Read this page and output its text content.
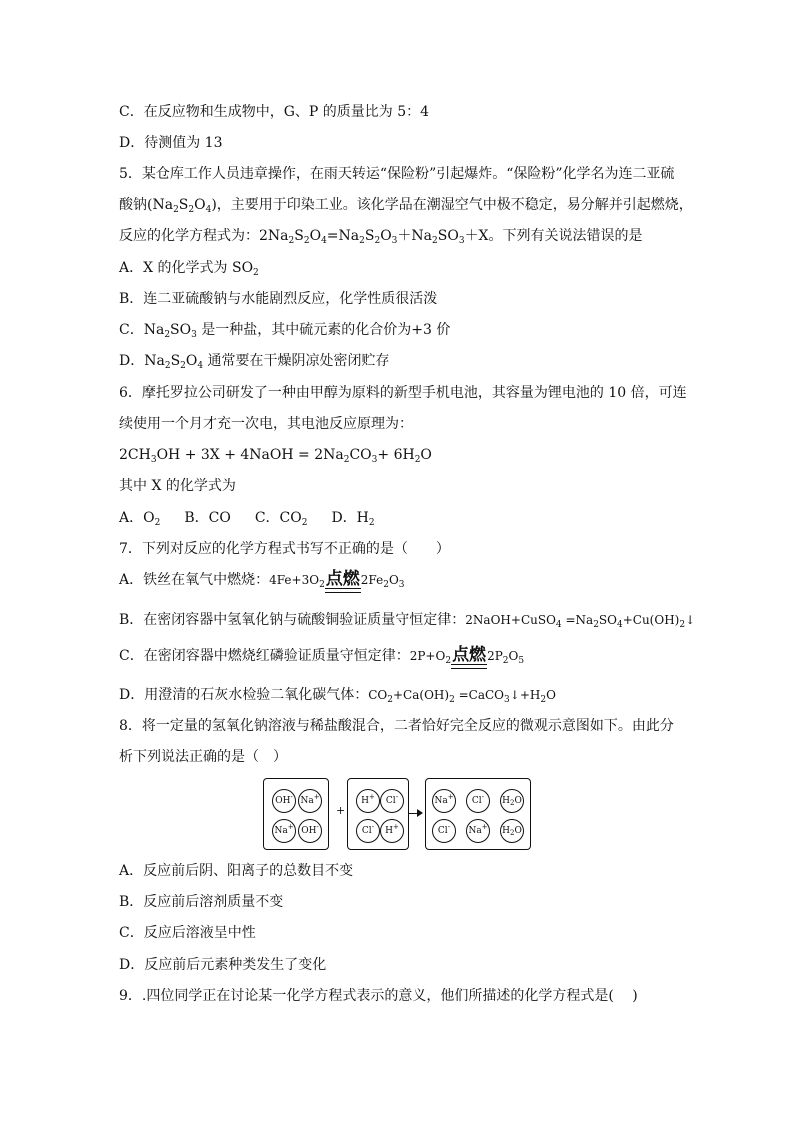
C．在反应物和生成物中，G、P 的质量比为 5：4
D．待测值为 13
5．某仓库工作人员违章操作，在雨天转运“保险粉”引起爆炸。“保险粉”化学名为连二亚硫
酸钠$(Na_2S_2O_4)$，主要用于印染工业。该化学品在潮湿空气中极不稳定，易分解并引起燃烧，
反应的化学方程式为：$2Na_2S_2O_4=Na_2S_2O_3+Na_2SO_3+X$。下列有关说法错误的是
A．X 的化学式为 $SO_2$
B．连二亚硫酸钠与水能剧烈反应，化学性质很活泼
C．$Na_2SO_3$ 是一种盐，其中硫元素的化合价为+3 价
D．$Na_2S_2O_4$ 通常要在干燥阴凉处密闭贮存
6．摩托罗拉公司研发了一种由甲醇为原料的新型手机电池，其容量为锂电池的 10 倍，可连
续使用一个月才充一次电，其电池反应原理为：
$2CH_3OH + 3X$ + 4NaOH = $2Na_2CO_3+ 6H_2O$
其中 X 的化学式为
A．$O_2$ B．CO C．$CO_2$ D．$H_2$
7．下列对反应的化学方程式书写不正确的是（　　）
A．铁丝在氧气中燃烧：$4Fe+3O_2$点燃$2Fe_2O_3$
B．在密闭容器中氢氧化钠与硫酸铜验证质量守恒定律：2NaOH+CuSO$_4$ $=Na_2SO_4+Cu(OH)_2↓$
C．在密闭容器中燃烧红磷验证质量守恒定律：$2P+O_2$点燃$2P_2O_5$
D．用澄清的石灰水检验二氧化碳气体：$CO_2+Ca(OH)_2$ $=CaCO_3↓+H_2O$
8．将一定量的氢氧化钠溶液与稀盐酸混合，二者恰好完全反应的微观示意图如下。由此分
析下列说法正确的是（　）
OH- Na+
Na+ OH-
+
H+	Cl-
Cl-	H+
Na+	Cl-	$H_2O$
Cl-	Na+ $H_2O$
A．反应前后阴、阳离子的总数目不变
B．反应前后溶剂质量不变
C．反应后溶液呈中性
D．反应前后元素种类发生了变化
9．.四位同学正在讨论某一化学方程式表示的意义，他们所描述的化学方程式是(　 )
